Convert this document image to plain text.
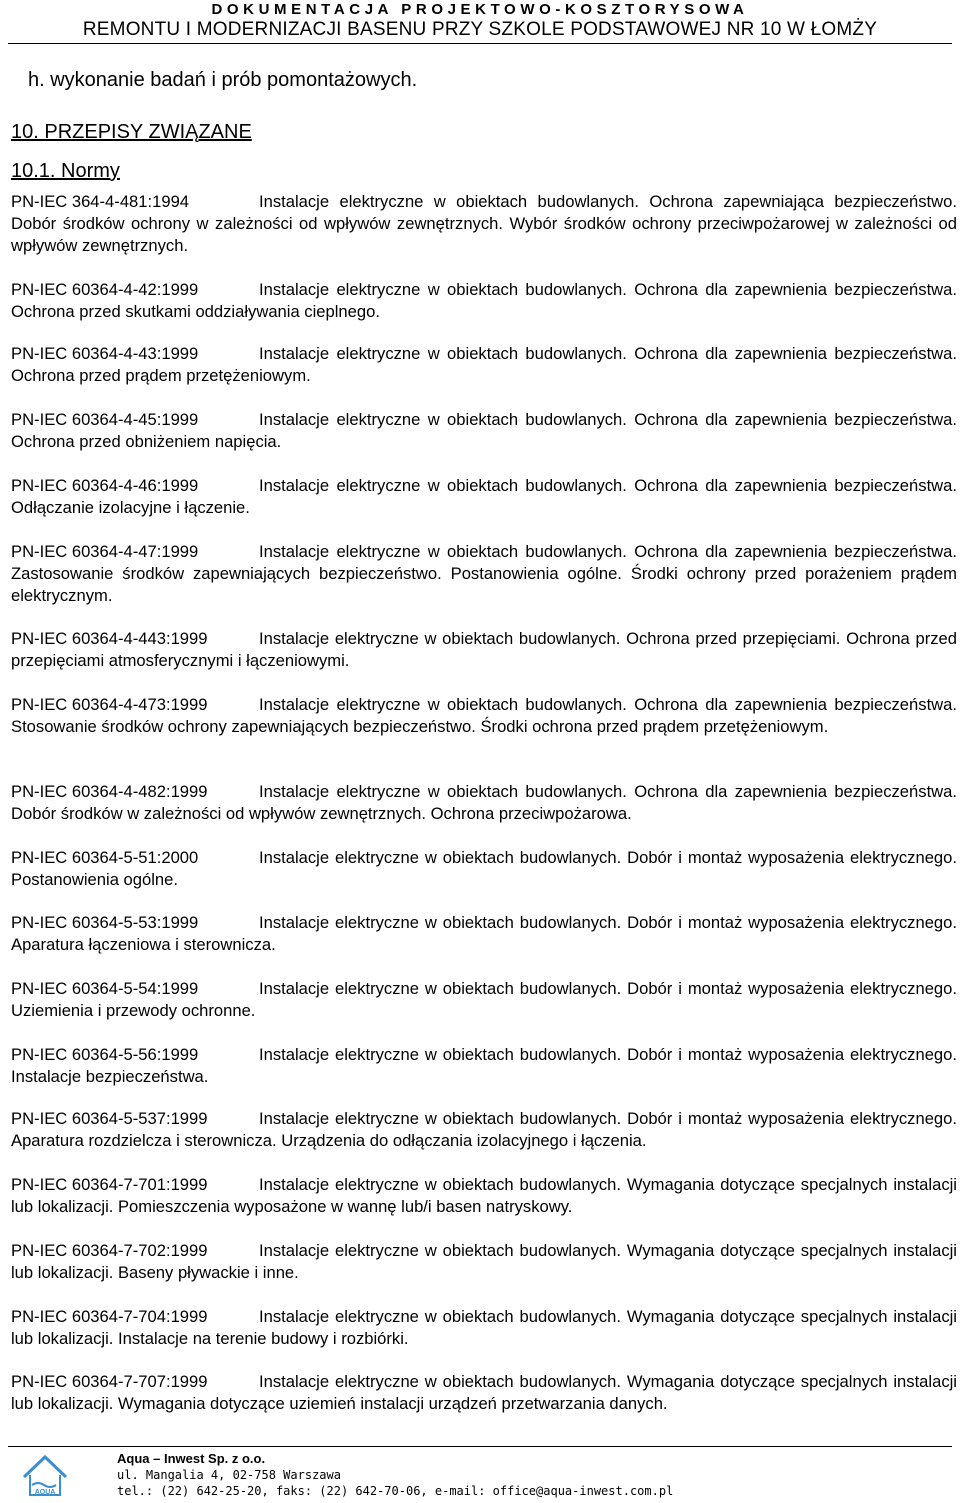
DOKUMENTACJA PROJEKTOWO-KOSZTORYSOWA
REMONTU I MODERNIZACJI BASENU PRZY SZKOLE PODSTAWOWEJ NR 10 W ŁOMŻY
h. wykonanie badań i prób pomontażowych.
10. PRZEPISY ZWIĄZANE
10.1. Normy
PN-IEC 364-4-481:1994	Instalacje elektryczne w obiektach budowlanych. Ochrona zapewniająca bezpieczeństwo. Dobór środków ochrony w zależności od wpływów zewnętrznych. Wybór środków ochrony przeciwpożarowej w zależności od wpływów zewnętrznych.
PN-IEC 60364-4-42:1999	Instalacje elektryczne w obiektach budowlanych. Ochrona dla zapewnienia bezpieczeństwa. Ochrona przed skutkami oddziaływania cieplnego.
PN-IEC 60364-4-43:1999	Instalacje elektryczne w obiektach budowlanych. Ochrona dla zapewnienia bezpieczeństwa. Ochrona przed prądem przetężeniowym.
PN-IEC 60364-4-45:1999	Instalacje elektryczne w obiektach budowlanych. Ochrona dla zapewnienia bezpieczeństwa. Ochrona przed obniżeniem napięcia.
PN-IEC 60364-4-46:1999	Instalacje elektryczne w obiektach budowlanych. Ochrona dla zapewnienia bezpieczeństwa. Odłączanie izolacyjne i łączenie.
PN-IEC 60364-4-47:1999	Instalacje elektryczne w obiektach budowlanych. Ochrona dla zapewnienia bezpieczeństwa. Zastosowanie środków zapewniających bezpieczeństwo. Postanowienia ogólne. Środki ochrony przed porażeniem prądem elektrycznym.
PN-IEC 60364-4-443:1999	Instalacje elektryczne w obiektach budowlanych. Ochrona przed przepięciami. Ochrona przed przepięciami atmosferycznymi i łączeniowymi.
PN-IEC 60364-4-473:1999	Instalacje elektryczne w obiektach budowlanych. Ochrona dla zapewnienia bezpieczeństwa. Stosowanie środków ochrony zapewniających bezpieczeństwo. Środki ochrona przed prądem przetężeniowym.
PN-IEC 60364-4-482:1999	Instalacje elektryczne w obiektach budowlanych. Ochrona dla zapewnienia bezpieczeństwa. Dobór środków w zależności od wpływów zewnętrznych. Ochrona przeciwpożarowa.
PN-IEC 60364-5-51:2000	Instalacje elektryczne w obiektach budowlanych. Dobór i montaż wyposażenia elektrycznego. Postanowienia ogólne.
PN-IEC 60364-5-53:1999	Instalacje elektryczne w obiektach budowlanych. Dobór i montaż wyposażenia elektrycznego. Aparatura łączeniowa i sterownicza.
PN-IEC 60364-5-54:1999	Instalacje elektryczne w obiektach budowlanych. Dobór i montaż wyposażenia elektrycznego. Uziemienia i przewody ochronne.
PN-IEC 60364-5-56:1999	Instalacje elektryczne w obiektach budowlanych. Dobór i montaż wyposażenia elektrycznego. Instalacje bezpieczeństwa.
PN-IEC 60364-5-537:1999	Instalacje elektryczne w obiektach budowlanych. Dobór i montaż wyposażenia elektrycznego. Aparatura rozdzielcza i sterownicza. Urządzenia do odłączania izolacyjnego i łączenia.
PN-IEC 60364-7-701:1999	Instalacje elektryczne w obiektach budowlanych. Wymagania dotyczące specjalnych instalacji lub lokalizacji. Pomieszczenia wyposażone w wannę lub/i basen natryskowy.
PN-IEC 60364-7-702:1999	Instalacje elektryczne w obiektach budowlanych. Wymagania dotyczące specjalnych instalacji lub lokalizacji. Baseny pływackie i inne.
PN-IEC 60364-7-704:1999	Instalacje elektryczne w obiektach budowlanych. Wymagania dotyczące specjalnych instalacji lub lokalizacji. Instalacje na terenie budowy i rozbiórki.
PN-IEC 60364-7-707:1999	Instalacje elektryczne w obiektach budowlanych. Wymagania dotyczące specjalnych instalacji lub lokalizacji. Wymagania dotyczące uziemień instalacji urządzeń przetwarzania danych.
AQUA
Aqua – Inwest Sp. z o.o.
ul. Mangalia 4, 02-758 Warszawa
tel.: (22) 642-25-20, faks: (22) 642-70-06, e-mail: office@aqua-inwest.com.pl
